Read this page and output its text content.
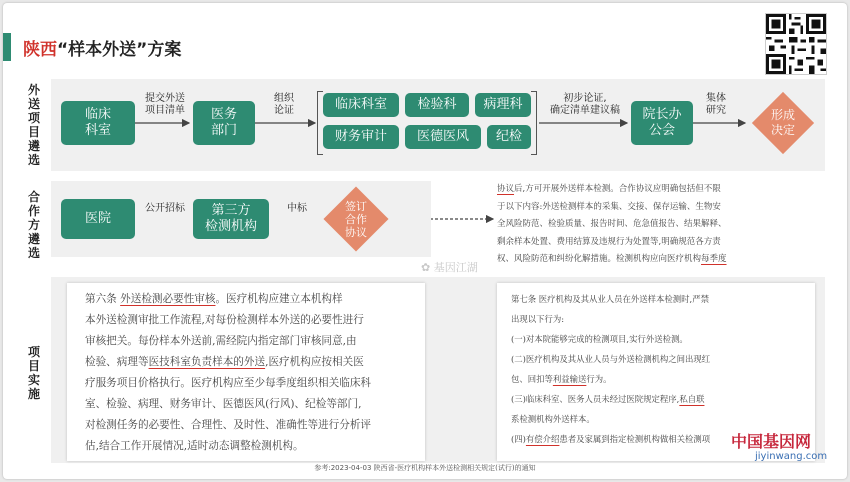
陕西“样本外送”方案
外送项目遴选
合作方遴选
项目实施
临床科室
提交外送
项目清单	医务部门
组织
论证	临床科室	检验科	病理科
财务审计	医德医风	纪检
初步论证,
确定清单建议稿	院长办公会
集体
研究	形成
决定
医院
公开招标	第三方
检测机构
中标	签订
合作
协议

协议后,方可开展外送样本检测。合作协议应明确包括但不限

于以下内容:外送检测样本的采集、交接、保存运输、生物安

全风险防范、检验质量、报告时间、危急值报告、结果解释、

剩余样本处置、费用结算及违规行为处置等,明确规范各方责

权、风险防范和纠纷化解措施。检测机构应向医疗机构每季度

第六条 外送检测必要性审核。医疗机构应建立本机构样

本外送检测审批工作流程,对每份检测样本外送的必要性进行

审核把关。每份样本外送前,需经院内指定部门审核同意,由

检验、病理等医技科室负责样本的外送,医疗机构应按相关医

疗服务项目价格执行。医疗机构应至少每季度组织相关临床科

室、检验、病理、财务审计、医德医风(行风)、纪检等部门,

对检测任务的必要性、合理性、及时性、准确性等进行分析评

估,结合工作开展情况,适时动态调整检测机构。

第七条 医疗机构及其从业人员在外送样本检测时,严禁

出现以下行为:

(一)对本院能够完成的检测项目,实行外送检测。

(二)医疗机构及其从业人员与外送检测机构之间出现红

包、回扣等利益输送行为。

(三)临床科室、医务人员未经过医院规定程序,私自联

系检测机构外送样本。

(四)有偿介绍患者及家属到指定检测机构做相关检测项

✿ 基因江湖
参考:2023-04-03 陕西省-医疗机构样本外送检测相关规定(试行)的通知
中国基因网
jiyinwang.com
